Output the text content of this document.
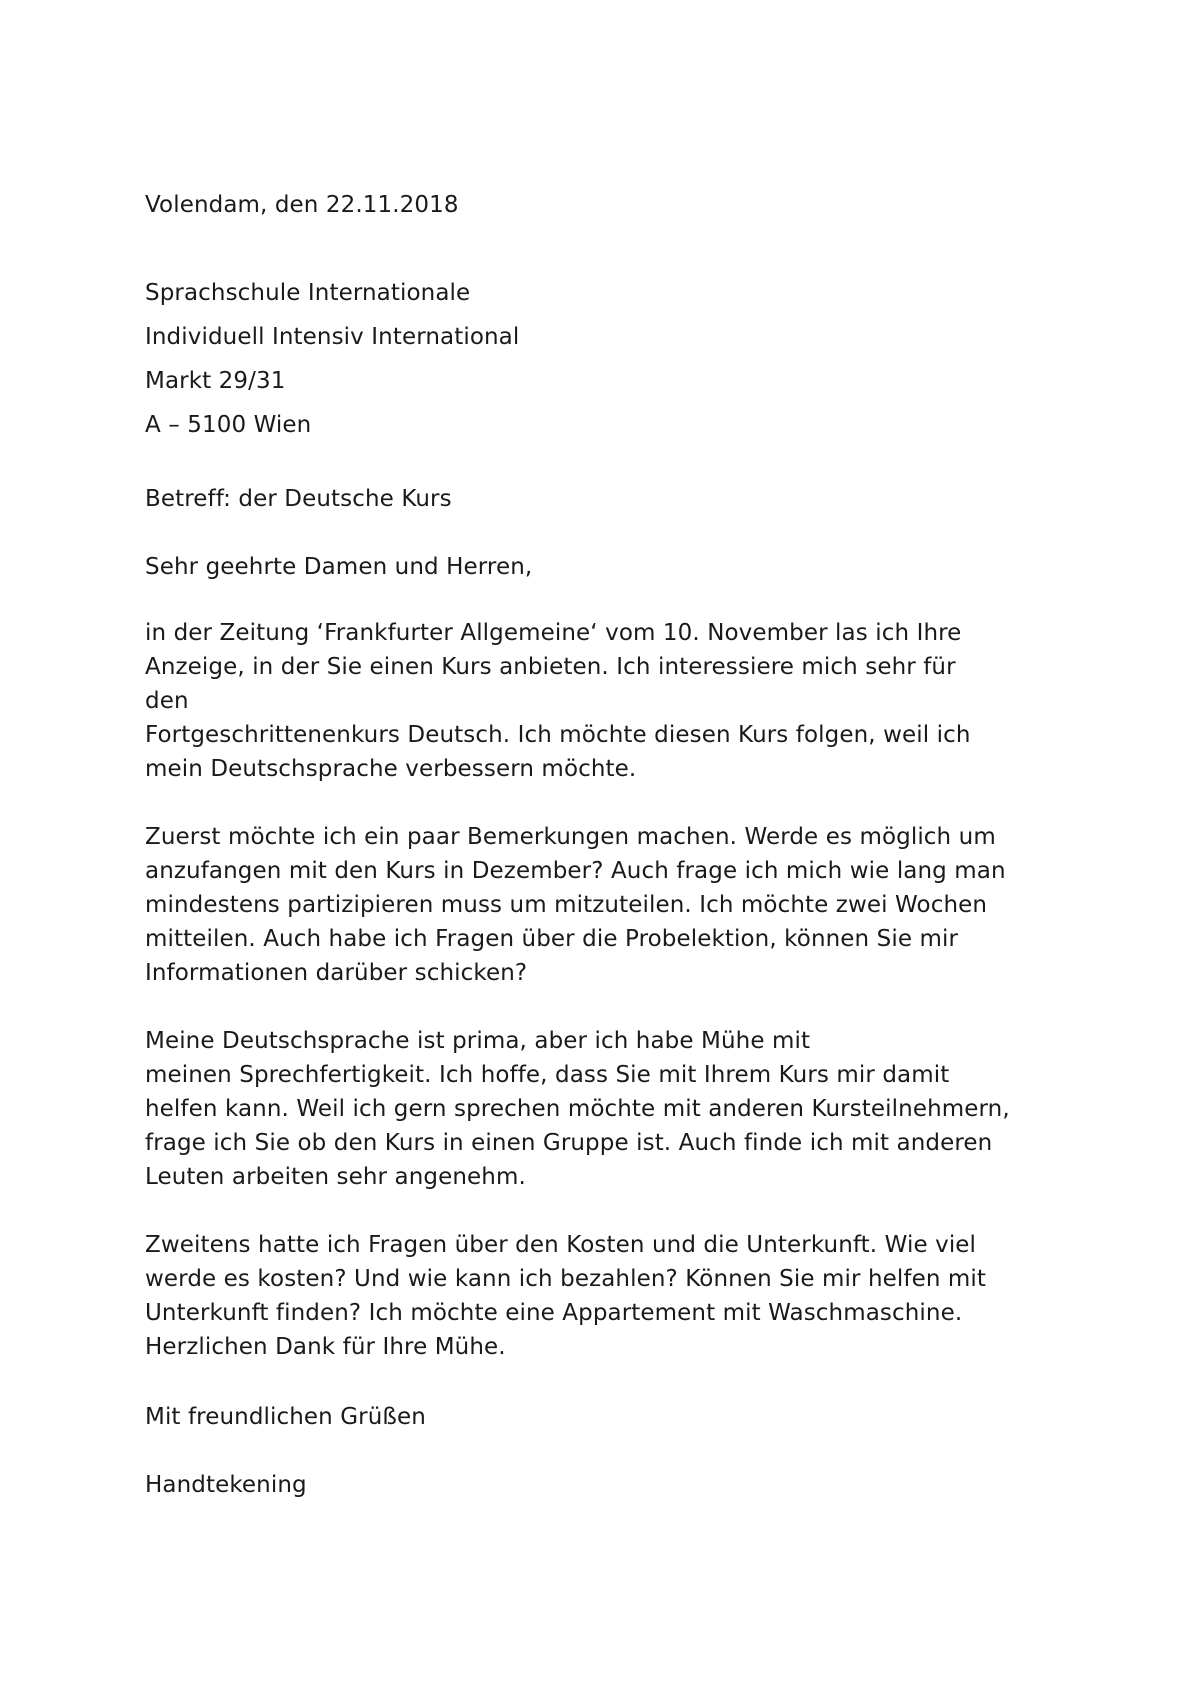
Volendam, den 22.11.2018

Sprachschule Internationale

Individuell Intensiv International

Markt 29/31

A – 5100 Wien

Betreff: der Deutsche Kurs

Sehr geehrte Damen und Herren,

in der Zeitung ‘Frankfurter Allgemeine‘ vom 10. November las ich Ihre
Anzeige, in der Sie einen Kurs anbieten. Ich interessiere mich sehr für
den
Fortgeschrittenenkurs Deutsch. Ich möchte diesen Kurs folgen, weil ich
mein Deutschsprache verbessern möchte.
Zuerst möchte ich ein paar Bemerkungen machen. Werde es möglich um
anzufangen mit den Kurs in Dezember? Auch frage ich mich wie lang man
mindestens partizipieren muss um mitzuteilen. Ich möchte zwei Wochen
mitteilen. Auch habe ich Fragen über die Probelektion, können Sie mir
Informationen darüber schicken?
Meine Deutschsprache ist prima, aber ich habe Mühe mit
meinen Sprechfertigkeit. Ich hoffe, dass Sie mit Ihrem Kurs mir damit
helfen kann. Weil ich gern sprechen möchte mit anderen Kursteilnehmern,
frage ich Sie ob den Kurs in einen Gruppe ist. Auch finde ich mit anderen
Leuten arbeiten sehr angenehm.
Zweitens hatte ich Fragen über den Kosten und die Unterkunft. Wie viel
werde es kosten? Und wie kann ich bezahlen? Können Sie mir helfen mit
Unterkunft finden? Ich möchte eine Appartement mit Waschmaschine.
Herzlichen Dank für Ihre Mühe.

Mit freundlichen Grüßen

Handtekening
